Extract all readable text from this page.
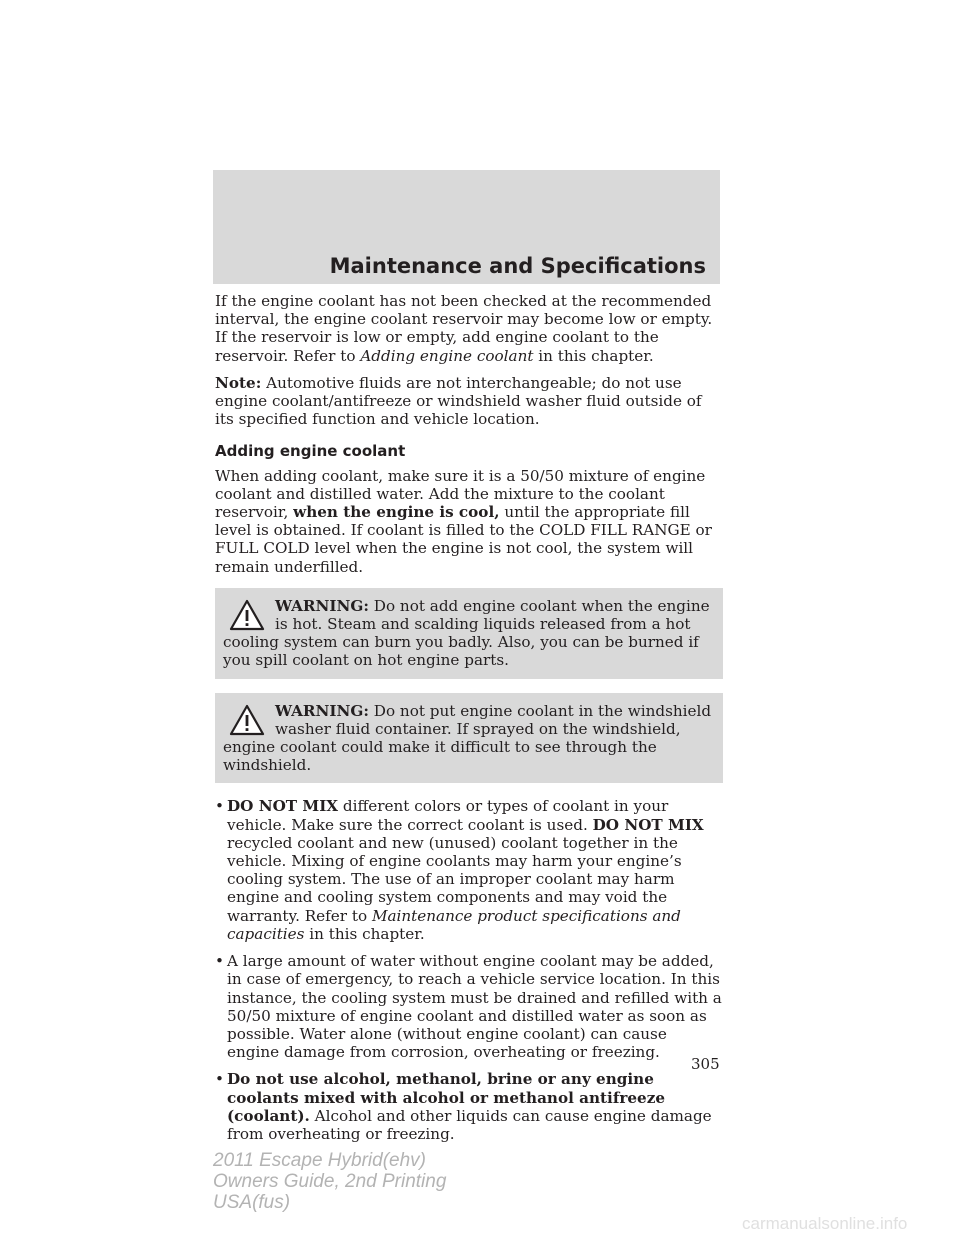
Maintenance and Specifications

If the engine coolant has not been checked at the recommended interval, the engine coolant reservoir may become low or empty. If the reservoir is low or empty, add engine coolant to the reservoir. Refer to Adding engine coolant in this chapter.

Note: Automotive fluids are not interchangeable; do not use engine coolant/antifreeze or windshield washer fluid outside of its specified function and vehicle location.

Adding engine coolant

When adding coolant, make sure it is a 50/50 mixture of engine coolant and distilled water. Add the mixture to the coolant reservoir, when the engine is cool, until the appropriate fill level is obtained. If coolant is filled to the COLD FILL RANGE or FULL COLD level when the engine is not cool, the system will remain underfilled.

WARNING: Do not add engine coolant when the engine is hot. Steam and scalding liquids released from a hot cooling system can burn you badly. Also, you can be burned if you spill coolant on hot engine parts.
WARNING: Do not put engine coolant in the windshield washer fluid container. If sprayed on the windshield, engine coolant could make it difficult to see through the windshield.
• DO NOT MIX different colors or types of coolant in your vehicle. Make sure the correct coolant is used. DO NOT MIX recycled coolant and new (unused) coolant together in the vehicle. Mixing of engine coolants may harm your engine’s cooling system. The use of an improper coolant may harm engine and cooling system components and may void the warranty. Refer to Maintenance product specifications and capacities in this chapter.
• A large amount of water without engine coolant may be added, in case of emergency, to reach a vehicle service location. In this instance, the cooling system must be drained and refilled with a 50/50 mixture of engine coolant and distilled water as soon as possible. Water alone (without engine coolant) can cause engine damage from corrosion, overheating or freezing.
• Do not use alcohol, methanol, brine or any engine coolants mixed with alcohol or methanol antifreeze (coolant). Alcohol and other liquids can cause engine damage from overheating or freezing.
305
2011 Escape Hybrid(ehv)
Owners Guide, 2nd Printing
USA(fus)
carmanualsonline.info
